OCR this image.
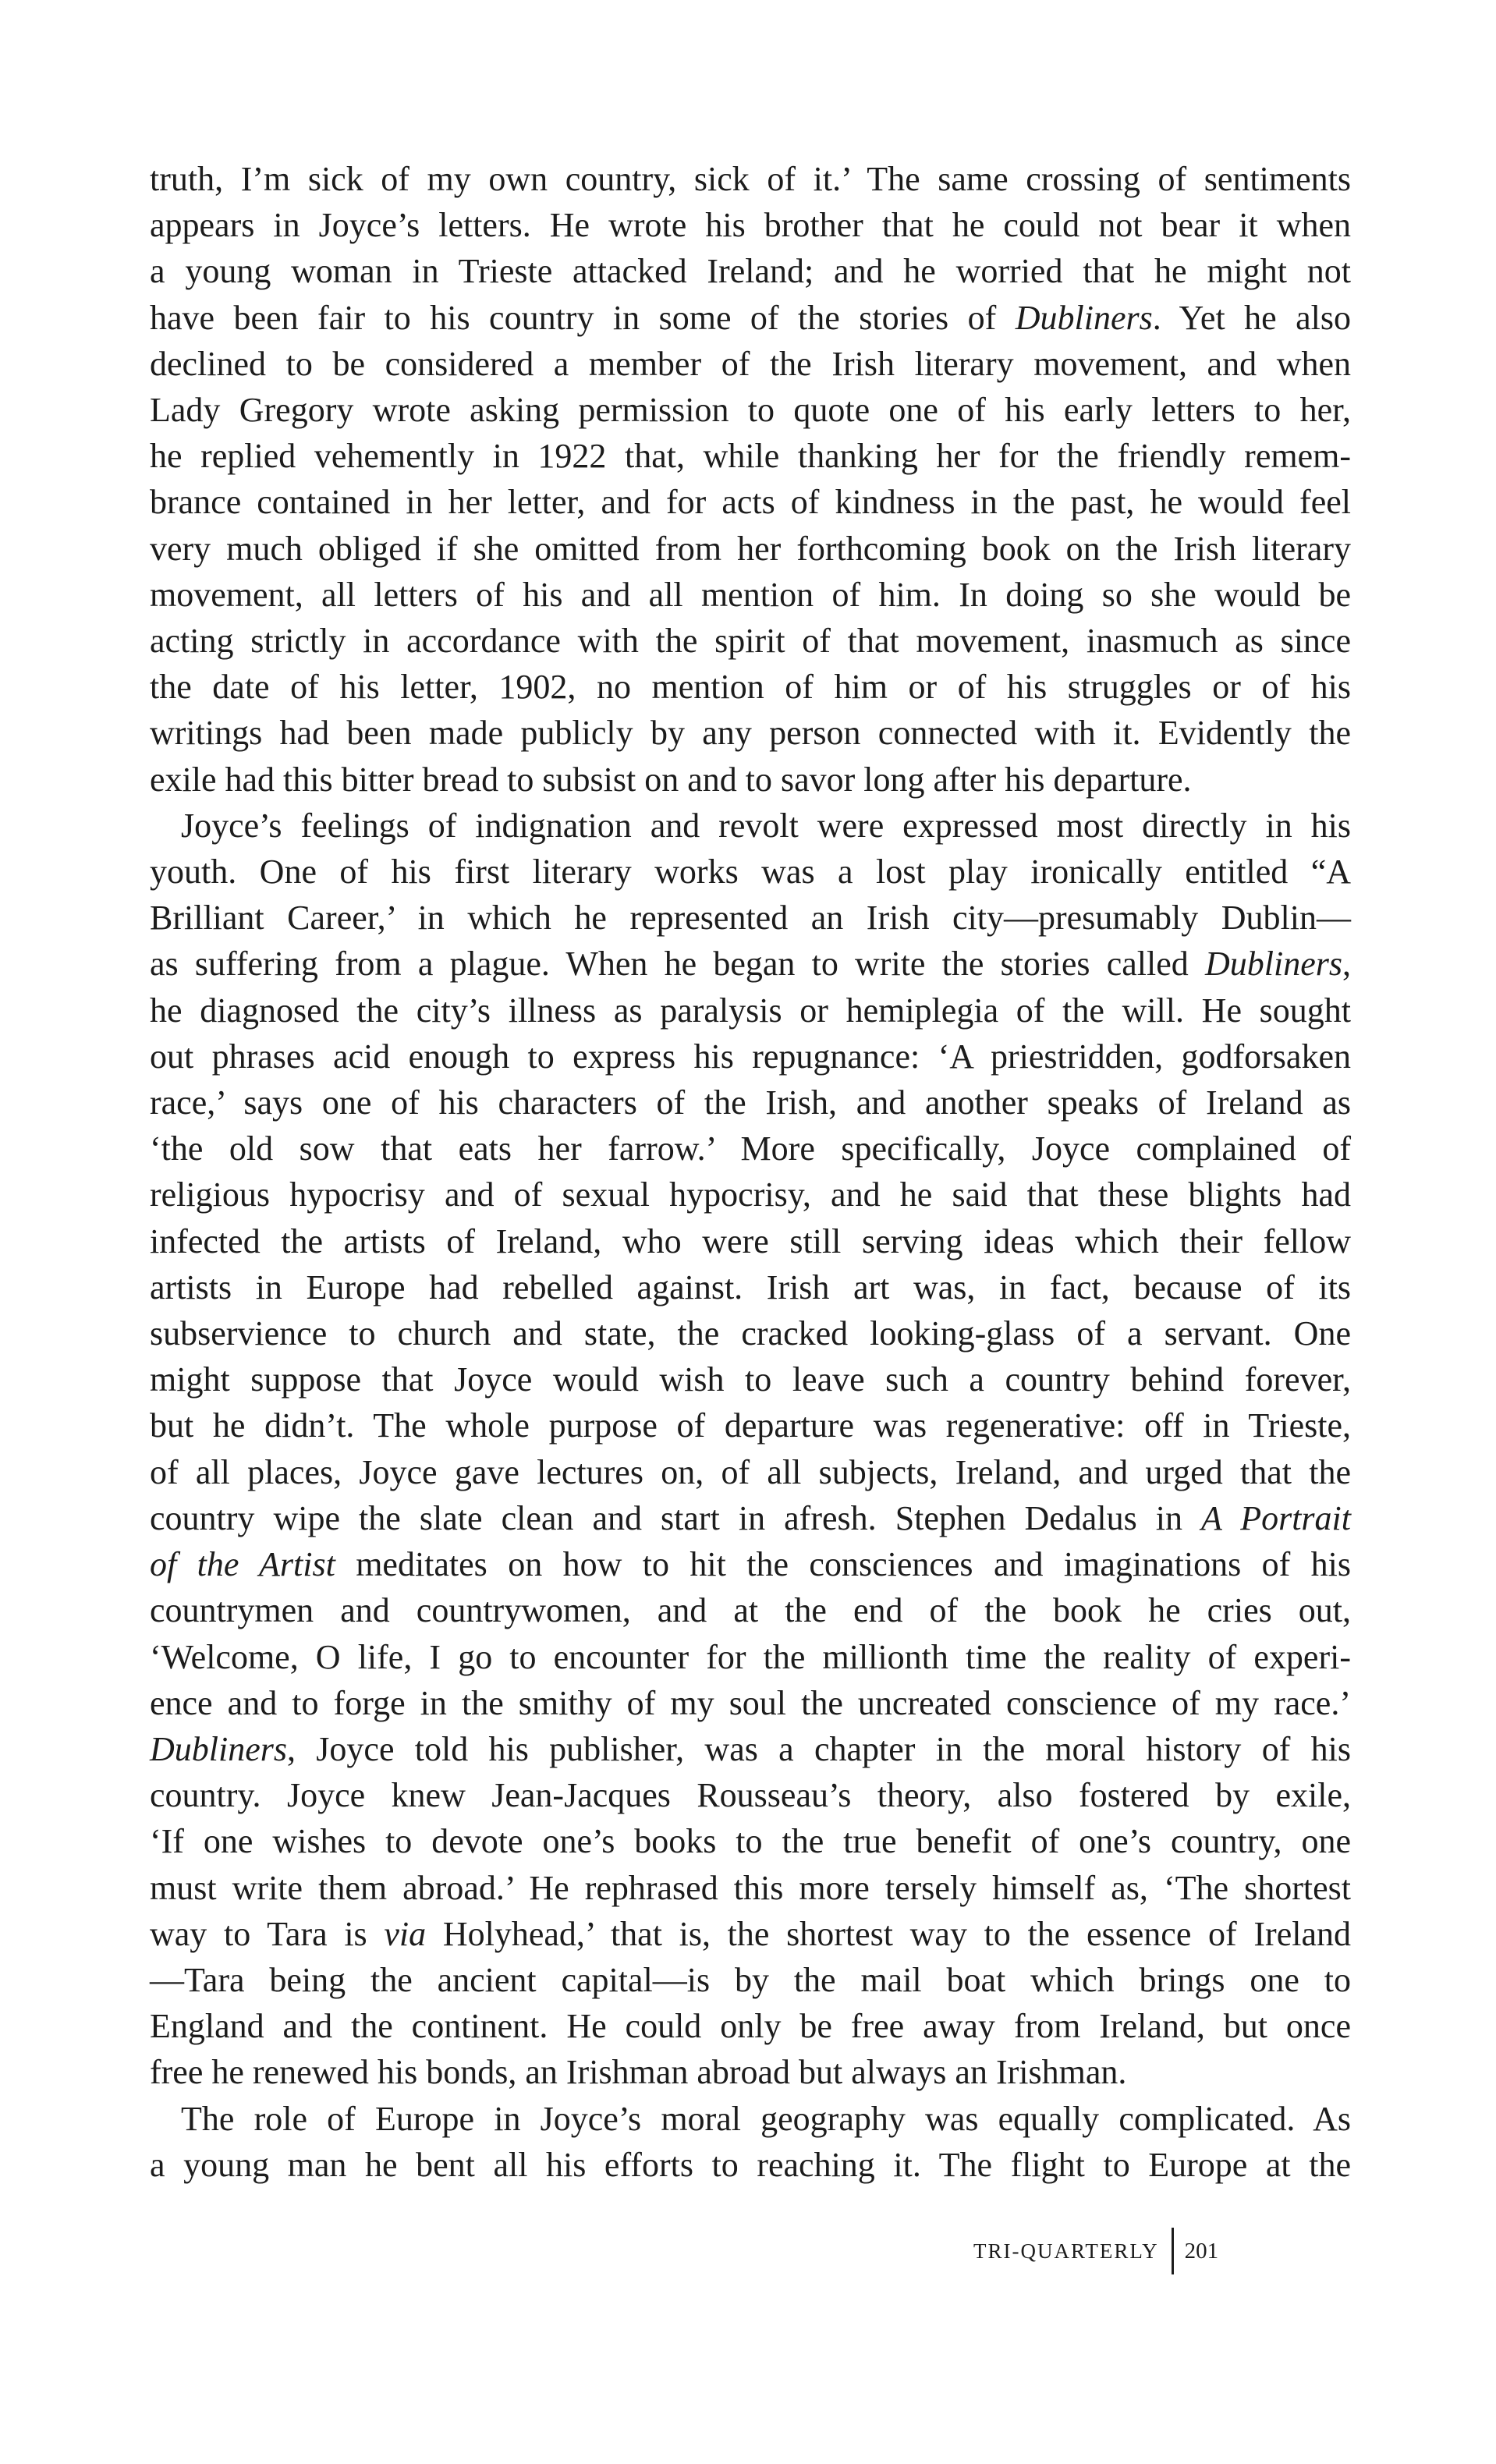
truth, I’m sick of my own country, sick of it.’ The same crossing of sentiments
appears in Joyce’s letters. He wrote his brother that he could not bear it when
a young woman in Trieste attacked Ireland; and he worried that he might not
have been fair to his country in some of the stories of Dubliners. Yet he also
declined to be considered a member of the Irish literary movement, and when
Lady Gregory wrote asking permission to quote one of his early letters to her,
he replied vehemently in 1922 that, while thanking her for the friendly remem-
brance contained in her letter, and for acts of kindness in the past, he would feel
very much obliged if she omitted from her forthcoming book on the Irish literary
movement, all letters of his and all mention of him. In doing so she would be
acting strictly in accordance with the spirit of that movement, inasmuch as since
the date of his letter, 1902, no mention of him or of his struggles or of his
writings had been made publicly by any person connected with it. Evidently the
exile had this bitter bread to subsist on and to savor long after his departure.

Joyce’s feelings of indignation and revolt were expressed most directly in his
youth. One of his first literary works was a lost play ironically entitled “A
Brilliant Career,’ in which he represented an Irish city—presumably Dublin—
as suffering from a plague. When he began to write the stories called Dubliners,
he diagnosed the city’s illness as paralysis or hemiplegia of the will. He sought
out phrases acid enough to express his repugnance: ‘A priestridden, godforsaken
race,’ says one of his characters of the Irish, and another speaks of Ireland as
‘the old sow that eats her farrow.’ More specifically, Joyce complained of
religious hypocrisy and of sexual hypocrisy, and he said that these blights had
infected the artists of Ireland, who were still serving ideas which their fellow
artists in Europe had rebelled against. Irish art was, in fact, because of its
subservience to church and state, the cracked looking-glass of a servant. One
might suppose that Joyce would wish to leave such a country behind forever,
but he didn’t. The whole purpose of departure was regenerative: off in Trieste,
of all places, Joyce gave lectures on, of all subjects, Ireland, and urged that the
country wipe the slate clean and start in afresh. Stephen Dedalus in A Portrait
of the Artist meditates on how to hit the consciences and imaginations of his
countrymen and countrywomen, and at the end of the book he cries out,
‘Welcome, O life, I go to encounter for the millionth time the reality of experi-
ence and to forge in the smithy of my soul the uncreated conscience of my race.’
Dubliners, Joyce told his publisher, was a chapter in the moral history of his
country. Joyce knew Jean-Jacques Rousseau’s theory, also fostered by exile,
‘If one wishes to devote one’s books to the true benefit of one’s country, one
must write them abroad.’ He rephrased this more tersely himself as, ‘The shortest
way to Tara is via Holyhead,’ that is, the shortest way to the essence of Ireland
—Tara being the ancient capital—is by the mail boat which brings one to
England and the continent. He could only be free away from Ireland, but once
free he renewed his bonds, an Irishman abroad but always an Irishman.

The role of Europe in Joyce’s moral geography was equally complicated. As
a young man he bent all his efforts to reaching it. The flight to Europe at the

TRI-QUARTERLY	201
